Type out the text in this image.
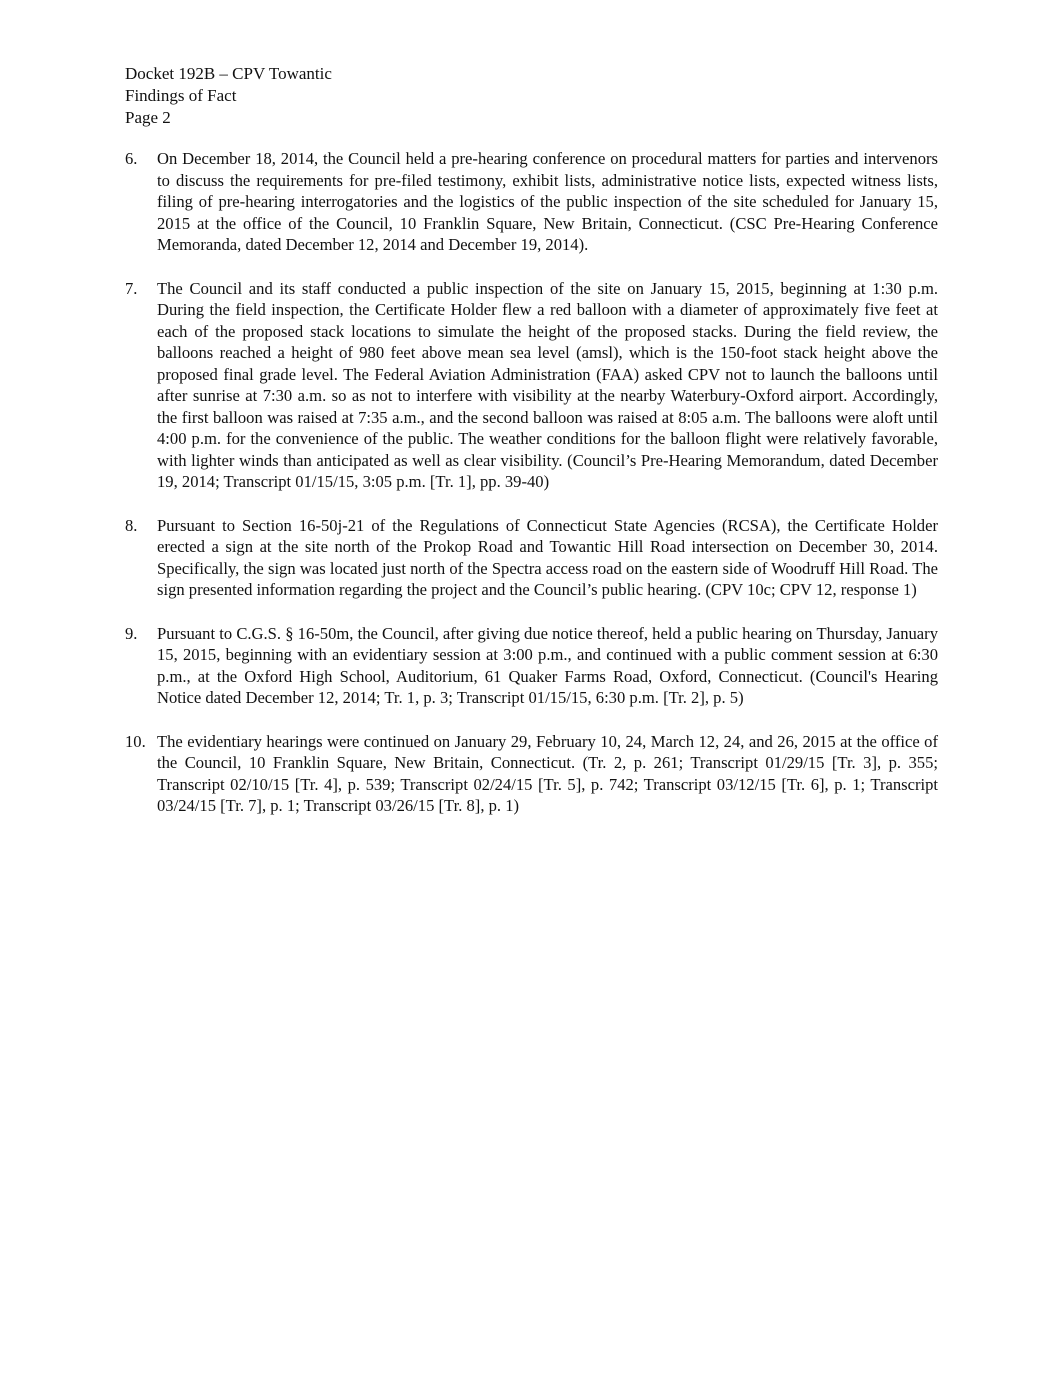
Docket 192B – CPV Towantic
Findings of Fact
Page 2
6.	On December 18, 2014, the Council held a pre-hearing conference on procedural matters for parties and intervenors to discuss the requirements for pre-filed testimony, exhibit lists, administrative notice lists, expected witness lists, filing of pre-hearing interrogatories and the logistics of the public inspection of the site scheduled for January 15, 2015 at the office of the Council, 10 Franklin Square, New Britain, Connecticut. (CSC Pre-Hearing Conference Memoranda, dated December 12, 2014 and December 19, 2014).
7.	The Council and its staff conducted a public inspection of the site on January 15, 2015, beginning at 1:30 p.m. During the field inspection, the Certificate Holder flew a red balloon with a diameter of approximately five feet at each of the proposed stack locations to simulate the height of the proposed stacks. During the field review, the balloons reached a height of 980 feet above mean sea level (amsl), which is the 150-foot stack height above the proposed final grade level. The Federal Aviation Administration (FAA) asked CPV not to launch the balloons until after sunrise at 7:30 a.m. so as not to interfere with visibility at the nearby Waterbury-Oxford airport. Accordingly, the first balloon was raised at 7:35 a.m., and the second balloon was raised at 8:05 a.m. The balloons were aloft until 4:00 p.m. for the convenience of the public. The weather conditions for the balloon flight were relatively favorable, with lighter winds than anticipated as well as clear visibility. (Council’s Pre-Hearing Memorandum, dated December 19, 2014; Transcript 01/15/15, 3:05 p.m. [Tr. 1], pp. 39-40)
8.	Pursuant to Section 16-50j-21 of the Regulations of Connecticut State Agencies (RCSA), the Certificate Holder erected a sign at the site north of the Prokop Road and Towantic Hill Road intersection on December 30, 2014. Specifically, the sign was located just north of the Spectra access road on the eastern side of Woodruff Hill Road. The sign presented information regarding the project and the Council’s public hearing. (CPV 10c; CPV 12, response 1)
9.	Pursuant to C.G.S. § 16-50m, the Council, after giving due notice thereof, held a public hearing on Thursday, January 15, 2015, beginning with an evidentiary session at 3:00 p.m., and continued with a public comment session at 6:30 p.m., at the Oxford High School, Auditorium, 61 Quaker Farms Road, Oxford, Connecticut. (Council's Hearing Notice dated December 12, 2014; Tr. 1, p. 3; Transcript 01/15/15, 6:30 p.m. [Tr. 2], p. 5)
10. The evidentiary hearings were continued on January 29, February 10, 24, March 12, 24, and 26, 2015 at the office of the Council, 10 Franklin Square, New Britain, Connecticut. (Tr. 2, p. 261; Transcript 01/29/15 [Tr. 3], p. 355; Transcript 02/10/15 [Tr. 4], p. 539; Transcript 02/24/15 [Tr. 5], p. 742; Transcript 03/12/15 [Tr. 6], p. 1; Transcript 03/24/15 [Tr. 7], p. 1; Transcript 03/26/15 [Tr. 8], p. 1)
